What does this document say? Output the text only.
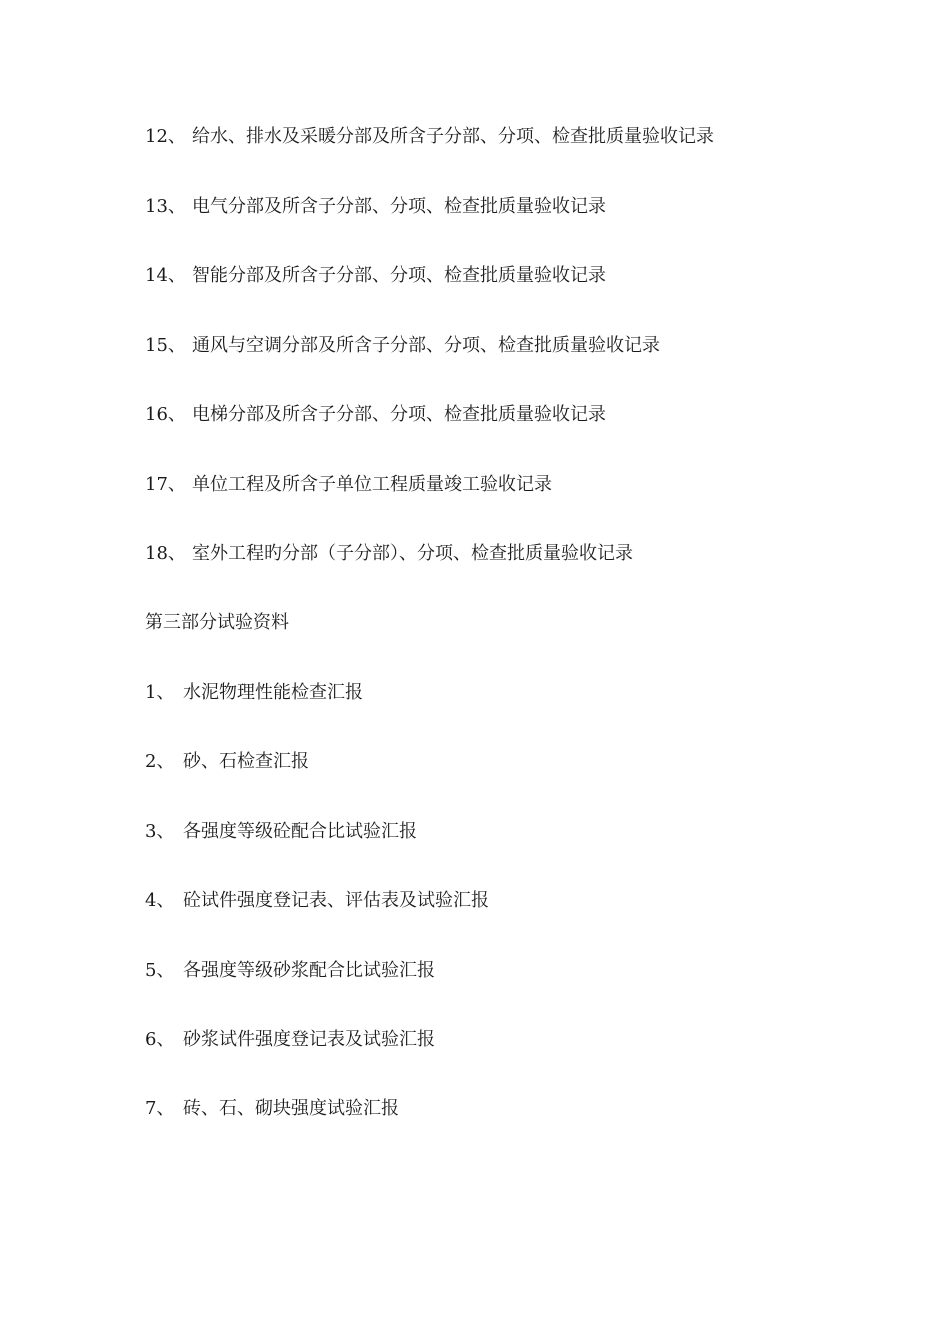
12、 给水、排水及采暖分部及所含子分部、分项、检查批质量验收记录
13、 电气分部及所含子分部、分项、检查批质量验收记录
14、 智能分部及所含子分部、分项、检查批质量验收记录
15、 通风与空调分部及所含子分部、分项、检查批质量验收记录
16、 电梯分部及所含子分部、分项、检查批质量验收记录
17、 单位工程及所含子单位工程质量竣工验收记录
18、 室外工程旳分部（子分部）、分项、检查批质量验收记录
第三部分试验资料
1、 水泥物理性能检查汇报
2、 砂、石检查汇报
3、 各强度等级砼配合比试验汇报
4、 砼试件强度登记表、评估表及试验汇报
5、 各强度等级砂浆配合比试验汇报
6、 砂浆试件强度登记表及试验汇报
7、 砖、石、砌块强度试验汇报
